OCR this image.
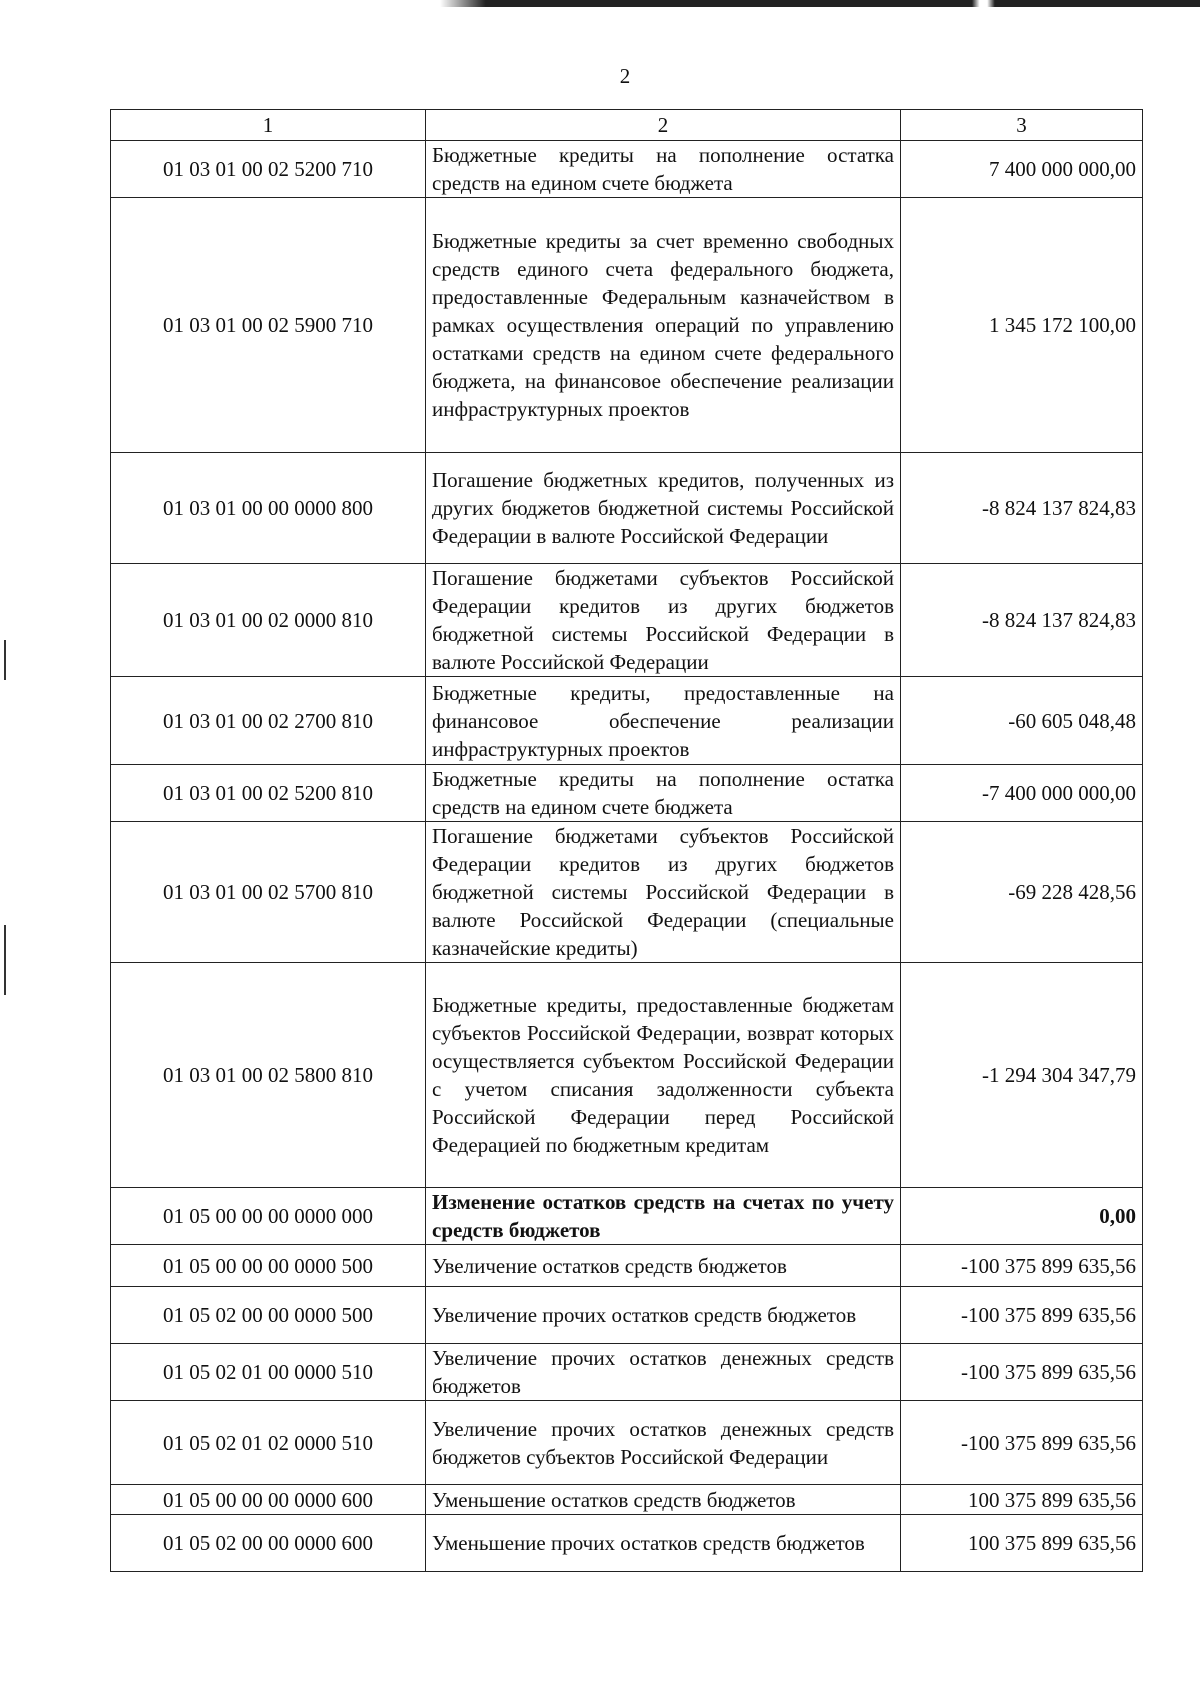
2
1	2	3
01 03 01 00 02 5200 710	Бюджетные кредиты на пополнение остатка средств на едином счете бюджета	7 400 000 000,00
01 03 01 00 02 5900 710	Бюджетные кредиты за счет временно свободных средств единого счета федерального бюджета, предоставленные Федеральным казначейством в рамках осуществления операций по управлению остатками средств на едином счете федерального бюджета, на финансовое обеспечение реализации инфраструктурных проектов	1 345 172 100,00
01 03 01 00 00 0000 800	Погашение бюджетных кредитов, полученных из других бюджетов бюджетной системы Российской Федерации в валюте Российской Федерации	-8 824 137 824,83
01 03 01 00 02 0000 810	Погашение бюджетами субъектов Российской Федерации кредитов из других бюджетов бюджетной системы Российской Федерации в валюте Российской Федерации	-8 824 137 824,83
01 03 01 00 02 2700 810	Бюджетные кредиты, предоставленные на финансовое обеспечение реализации инфраструктурных проектов	-60 605 048,48
01 03 01 00 02 5200 810	Бюджетные кредиты на пополнение остатка средств на едином счете бюджета	-7 400 000 000,00
01 03 01 00 02 5700 810	Погашение бюджетами субъектов Российской Федерации кредитов из других бюджетов бюджетной системы Российской Федерации в валюте Российской Федерации (специальные казначейские кредиты)	-69 228 428,56
01 03 01 00 02 5800 810	Бюджетные кредиты, предоставленные бюджетам субъектов Российской Федерации, возврат которых осуществляется субъектом Российской Федерации с учетом списания задолженности субъекта Российской Федерации перед Российской Федерацией по бюджетным кредитам	-1 294 304 347,79
01 05 00 00 00 0000 000	Изменение остатков средств на счетах по учету средств бюджетов	0,00
01 05 00 00 00 0000 500	Увеличение остатков средств бюджетов	-100 375 899 635,56
01 05 02 00 00 0000 500	Увеличение прочих остатков средств бюджетов	-100 375 899 635,56
01 05 02 01 00 0000 510	Увеличение прочих остатков денежных средств бюджетов	-100 375 899 635,56
01 05 02 01 02 0000 510	Увеличение прочих остатков денежных средств бюджетов субъектов Российской Федерации	-100 375 899 635,56
01 05 00 00 00 0000 600	Уменьшение остатков средств бюджетов	100 375 899 635,56
01 05 02 00 00 0000 600	Уменьшение прочих остатков средств бюджетов	100 375 899 635,56
